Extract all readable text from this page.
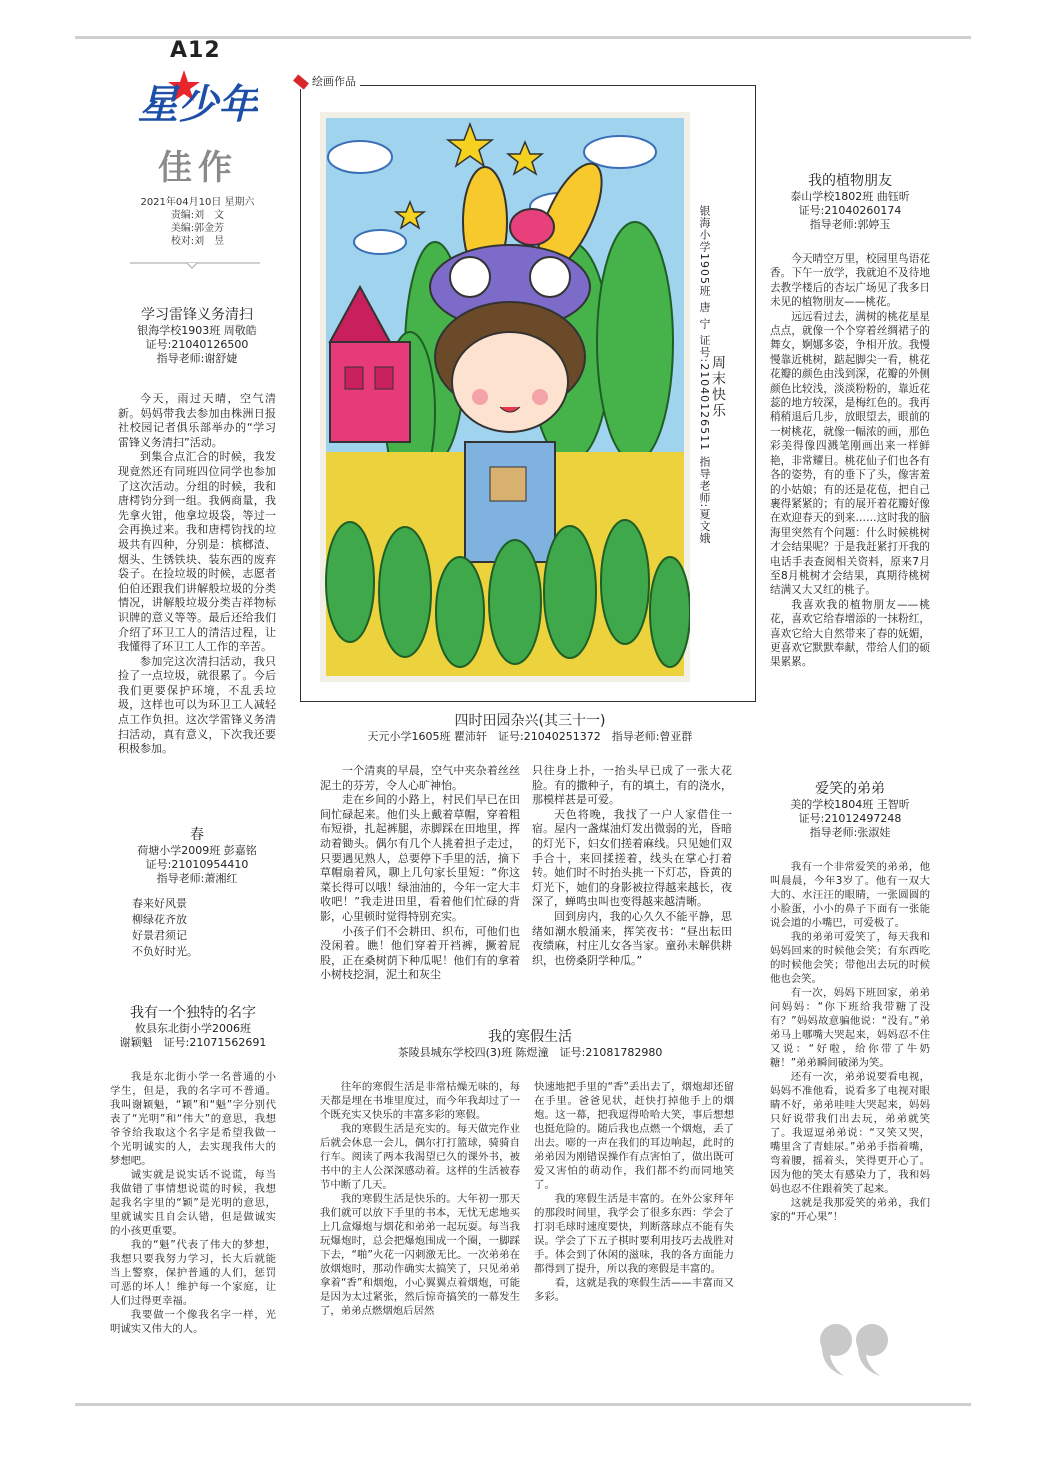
A12
星少年
佳作
2021年04月10日 星期六
责编:刘　文
美编:郭金芳
校对:刘　昱
学习雷锋义务清扫
银海学校1903班 周敬皓
证号:21040126500
指导老师:谢舒婕

今天，雨过天晴，空气清新。妈妈带我去参加由株洲日报社校园记者俱乐部举办的“学习雷锋义务清扫”活动。

到集合点汇合的时候，我发现竟然还有同班四位同学也参加了这次活动。分组的时候，我和唐樗钧分到一组。我俩商量，我先拿火钳，他拿垃圾袋，等过一会再换过来。我和唐樗钧找的垃圾共有四种，分别是：槟榔渣、烟头、生锈铁块、装东西的废弃袋子。在捡垃圾的时候，志愿者伯伯还跟我们讲解般垃圾的分类情况，讲解般垃圾分类吉祥物标识牌的意义等等。最后还给我们介绍了环卫工人的清洁过程，让我懂得了环卫工人工作的辛苦。

参加完这次清扫活动，我只捡了一点垃圾，就很累了。今后我们更要保护环境，不乱丢垃圾，这样也可以为环卫工人减轻点工作负担。这次学雷锋义务清扫活动，真有意义，下次我还要积极参加。

春
荷塘小学2009班 彭嘉铭
证号:21010954410
指导老师:萧湘红
春来好风景
柳绿花齐放
好景君须记
不负好时光。
我有一个独特的名字
攸县东北街小学2006班
谢颖魁　证号:21071562691

我是东北街小学一名普通的小学生，但是，我的名字可不普通。我叫谢颖魁，“颖”和“魁”字分别代表了“光明”和“伟大”的意思，我想爷爷给我取这个名字是希望我做一个光明诚实的人，去实现我伟大的梦想吧。

诚实就是说实话不说谎，每当我做错了事情想说谎的时候，我想起我名字里的“颖”是光明的意思，里就诚实且自会认错，但是做诚实的小孩更重要。

我的“魁”代表了伟大的梦想，我想只要我努力学习，长大后就能当上警察，保护普通的人们，惩罚可恶的坏人！维护每一个家庭，让人们过得更幸福。

我要做一个像我名字一样，光明诚实又伟大的人。

绘画作品
银海小学1905班 唐 宁 证号:21040126511 指导老师:夏文娥 周末快乐
四时田园杂兴(其三十一)
天元小学1605班 瞿沛轩　证号:21040251372　指导老师:曾亚群

一个清爽的早晨，空气中夹杂着丝丝泥土的芬芳，令人心旷神怡。

走在乡间的小路上，村民们早已在田间忙碌起来。他们头上戴着草帽，穿着粗布短褂，扎起裤腿，赤脚踩在田地里，挥动着锄头。偶尔有几个人挑着担子走过，只要遇见熟人，总要停下手里的活，摘下草帽扇着风，聊上几句家长里短：“你这菜长得可以哦！绿油油的，今年一定大丰收吧！”我走进田里，看着他们忙碌的背影，心里顿时觉得特别充实。

小孩子们不会耕田、织布，可他们也没闲着。瞧！他们穿着开裆裤，撅着屁股，正在桑树荫下种瓜呢！他们有的拿着小树枝挖洞，泥土和灰尘

只往身上扑，一抬头早已成了一张大花脸。有的撒种子，有的填土，有的浇水，那模样甚是可爱。

天色将晚，我找了一户人家借住一宿。屋内一盏煤油灯发出微弱的光，昏暗的灯光下，妇女们搓着麻线。只见她们双手合十，来回揉搓着，线头在掌心打着转。她们时不时抬头挑一下灯芯，昏黄的灯光下，她们的身影被拉得越来越长，夜深了，蝉鸣虫叫也变得越来越清晰。

回到房内，我的心久久不能平静，思绪如潮水般涌来，挥笑夜书：“昼出耘田夜绩麻，村庄儿女各当家。童孙未解供耕织，也傍桑阴学种瓜。”

我的寒假生活
茶陵县城东学校四(3)班 陈煜潼　证号:21081782980

往年的寒假生活是非常枯燥无味的，每天都是埋在书堆里度过，而今年我却过了一个既充实又快乐的丰富多彩的寒假。

我的寒假生活是充实的。每天做完作业后就会休息一会儿，偶尔打打篮球，骑骑自行车。阅读了两本我渴望已久的课外书，被书中的主人公深深感动着。这样的生活被春节中断了几天。

我的寒假生活是快乐的。大年初一那天我们就可以放下手里的书本，无忧无虑地买上几盒爆炮与烟花和弟弟一起玩耍。每当我玩爆炮时，总会把爆炮围成一个圈，一脚踩下去，“啪”火花一闪刺激无比。一次弟弟在放烟炮时，那动作确实太搞笑了，只见弟弟拿着“香”和烟炮，小心翼翼点着烟炮，可能是因为太过紧张，然后惊奇搞笑的一幕发生了，弟弟点燃烟炮后居然

快速地把手里的“香”丢出去了，烟炮却还留在手里。爸爸见状，赶快打掉他手上的烟炮。这一幕，把我逗得哈哈大笑，事后想想也挺危险的。随后我也点燃一个烟炮，丢了出去。嘭的一声在我们的耳边响起，此时的弟弟因为刚错误操作有点害怕了，做出既可爱又害怕的萌动作，我们都不约而同地笑了。

我的寒假生活是丰富的。在外公家拜年的那段时间里，我学会了很多东西：学会了打羽毛球时速度要快，判断落球点不能有失误。学会了下五子棋时要利用技巧去战胜对手。体会到了休闲的滋味，我的各方面能力都得到了提升，所以我的寒假是丰富的。

看，这就是我的寒假生活——丰富而又多彩。

我的植物朋友
泰山学校1802班 曲钰昕
证号:21040260174
指导老师:郭婷玉

今天晴空万里，校园里鸟语花香。下午一放学，我就迫不及待地去教学楼后的杏坛广场见了我多日未见的植物朋友——桃花。

远远看过去，满树的桃花星星点点，就像一个个穿着丝绸裙子的舞女，婀娜多姿，争相开放。我慢慢靠近桃树，踮起脚尖一看，桃花花瓣的颜色由浅到深，花瓣的外侧颜色比较浅，淡淡粉粉的，靠近花蕊的地方较深，是梅红色的。我再稍稍退后几步，放眼望去，眼前的一树桃花，就像一幅浓的画，那色彩美得像四溅笔刚画出来一样鲜艳，非常耀目。桃花仙子们也各有各的姿势，有的垂下了头，像害羞的小姑娘；有的还是花苞，把自己裹得紧紧的；有的展开着花瓣好像在欢迎春天的到来……这时我的脑海里突然有个问题：什么时候桃树才会结果呢？于是我赶紧打开我的电话手表查阅相关资料，原来7月至8月桃树才会结果，真期待桃树结满又大又红的桃子。

我喜欢我的植物朋友——桃花，喜欢它给春增添的一抹粉红，喜欢它给大自然带来了春的妩媚，更喜欢它默默奉献，带给人们的硕果累累。

爱笑的弟弟
美的学校1804班 王智昕
证号:21012497248
指导老师:张淑娃

我有一个非常爱笑的弟弟，他叫晨晨，今年3岁了。他有一双大大的、水汪汪的眼睛，一张圆圆的小脸蛋，小小的鼻子下面有一张能说会道的小嘴巴，可爱极了。

我的弟弟可爱笑了，每天我和妈妈回来的时候他会笑；有东西吃的时候他会笑；带他出去玩的时候他也会笑。

有一次，妈妈下班回家，弟弟问妈妈：“你下班给我带糖了没有？”妈妈故意骗他说：“没有。”弟弟马上哪嘴大哭起来，妈妈忍不住又说：“好啦，给你带了牛奶糖！”弟弟瞬间破涕为笑。

还有一次，弟弟说要看电视，妈妈不准他看，说看多了电视对眼睛不好，弟弟哇哇大哭起来，妈妈只好说带我们出去玩，弟弟就笑了。我逗逗弟弟说：“又笑又哭，嘴里含了青蛙尿。”弟弟手指着嘴，弯着腰，摇着头，笑得更开心了。因为他的笑太有感染力了，我和妈妈也忍不住跟着笑了起来。

这就是我那爱笑的弟弟，我们家的“开心果”！
